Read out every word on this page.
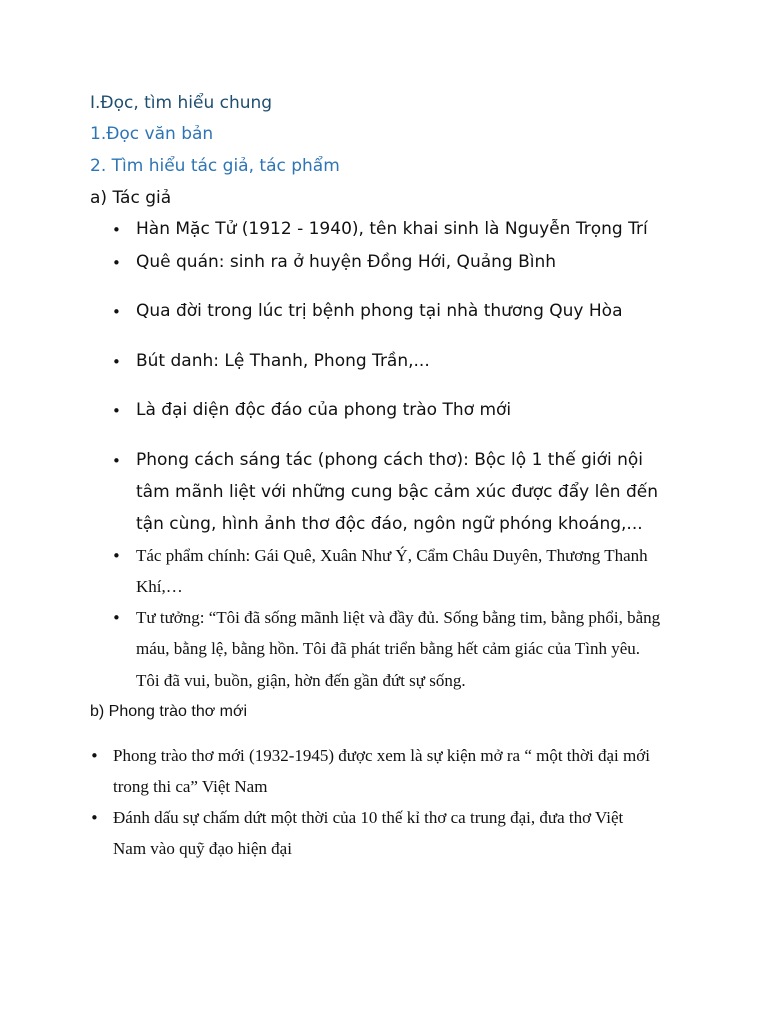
I.Đọc, tìm hiểu chung
1.Đọc văn bản
2. Tìm hiểu tác giả, tác phẩm
a) Tác giả
• Hàn Mặc Tử (1912 - 1940), tên khai sinh là Nguyễn Trọng Trí
• Quê quán: sinh ra ở huyện Đồng Hới, Quảng Bình
• Qua đời trong lúc trị bệnh phong tại nhà thương Quy Hòa
• Bút danh: Lệ Thanh, Phong Trần,...
• Là đại diện độc đáo của phong trào Thơ mới
• Phong cách sáng tác (phong cách thơ): Bộc lộ 1 thế giới nội
tâm mãnh liệt với những cung bậc cảm xúc được đẩy lên đến
tận cùng, hình ảnh thơ độc đáo, ngôn ngữ phóng khoáng,...
• Tác phẩm chính: Gái Quê, Xuân Như Ý, Cẩm Châu Duyên, Thương Thanh
Khí,…
• Tư tưởng: “Tôi đã sống mãnh liệt và đầy đủ. Sống bằng tim, bằng phổi, bằng
máu, bằng lệ, bằng hồn. Tôi đã phát triển bằng hết cảm giác của Tình yêu.
Tôi đã vui, buồn, giận, hờn đến gần đứt sự sống.
b) Phong trào thơ mới
• Phong trào thơ mới (1932-1945) được xem là sự kiện mở ra “ một thời đại mới
trong thi ca” Việt Nam
• Đánh dấu sự chấm dứt một thời của 10 thế kỉ thơ ca trung đại, đưa thơ Việt
Nam vào quỹ đạo hiện đại
